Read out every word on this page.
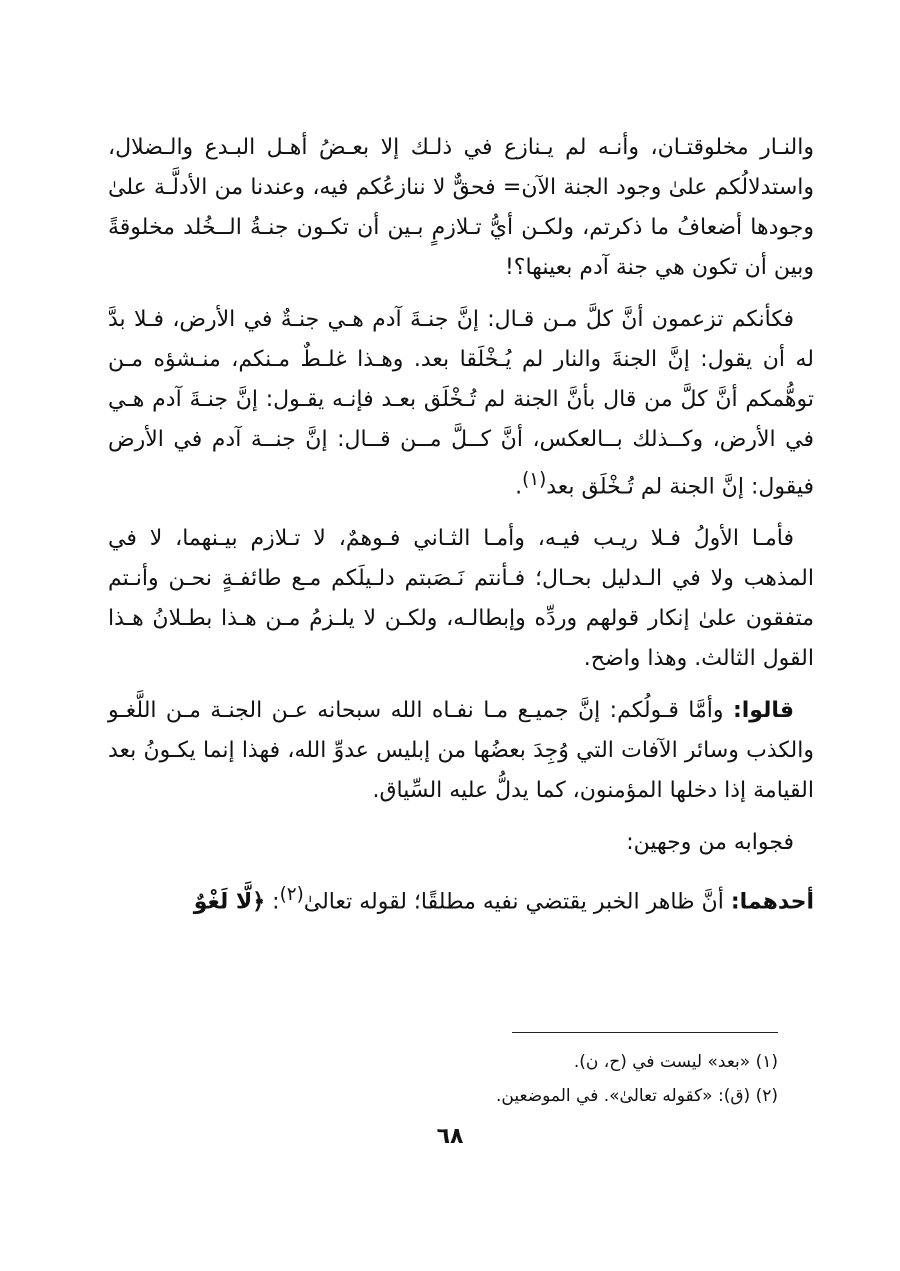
والنـار مخلوقتـان، وأنـه لم يـنازع في ذلـك إلا بعـضُ أهـل البـدع والـضلال، واستدلالُكم علىٰ وجود الجنة الآن= فحقٌّ لا ننازعُكم فيه، وعندنا من الأدلَّـة علىٰ وجودها أضعافُ ما ذكرتم، ولكـن أيُّ تـلازمٍ بـين أن تكـون جنـةُ الــخُلد مخلوقةً وبين أن تكون هي جنة آدم بعينها؟!

فكأنكم تزعمون أنَّ كلَّ مـن قـال: إنَّ جنـةَ آدم هـي جنـةٌ في الأرض، فـلا بدَّ له أن يقول: إنَّ الجنةَ والنار لم يُـخْلَقا بعد. وهـذا غلـطٌ مـنكم، منـشؤه مـن توهُّمكم أنَّ كلَّ من قال بأنَّ الجنة لم تُـخْلَق بعـد فإنـه يقـول: إنَّ جنـةَ آدم هـي في الأرض، وكــذلك بــالعكس، أنَّ كــلَّ مــن قــال: إنَّ جنــة آدم في الأرض فيقول: إنَّ الجنة لم تُـخْلَق بعد$^{(١)}$.

فأمـا الأولُ فـلا ريـب فيـه، وأمـا الثـاني فـوهمٌ، لا تـلازم بيـنهما، لا في المذهب ولا في الـدليل بحـال؛ فـأنتم نَـصَبتم دلـيلَكم مـع طائفـةٍ نحـن وأنـتم متفقون علىٰ إنكار قولهم وردِّه وإبطالـه، ولكـن لا يلـزمُ مـن هـذا بطـلانُ هـذا القول الثالث. وهذا واضح.

قالوا: وأمَّا قـولُكم: إنَّ جميـع مـا نفـاه الله سبحانه عـن الجنـة مـن اللَّغـو والكذب وسائر الآفات التي وُجِدَ بعضُها من إبليس عدوِّ الله، فهذا إنما يكـونُ بعد القيامة إذا دخلها المؤمنون، كما يدلُّ عليه السِّياق.

فجوابه من وجهين:

أحدهما: أنَّ ظاهر الخبر يقتضي نفيه مطلقًا؛ لقوله تعالىٰ$^{(٢)}$: ﴿لَّا لَغْوٌ

(١) «بعد» ليست في (ح، ن).
(٢) (ق): «كقوله تعالىٰ». في الموضعين.
٦٨
